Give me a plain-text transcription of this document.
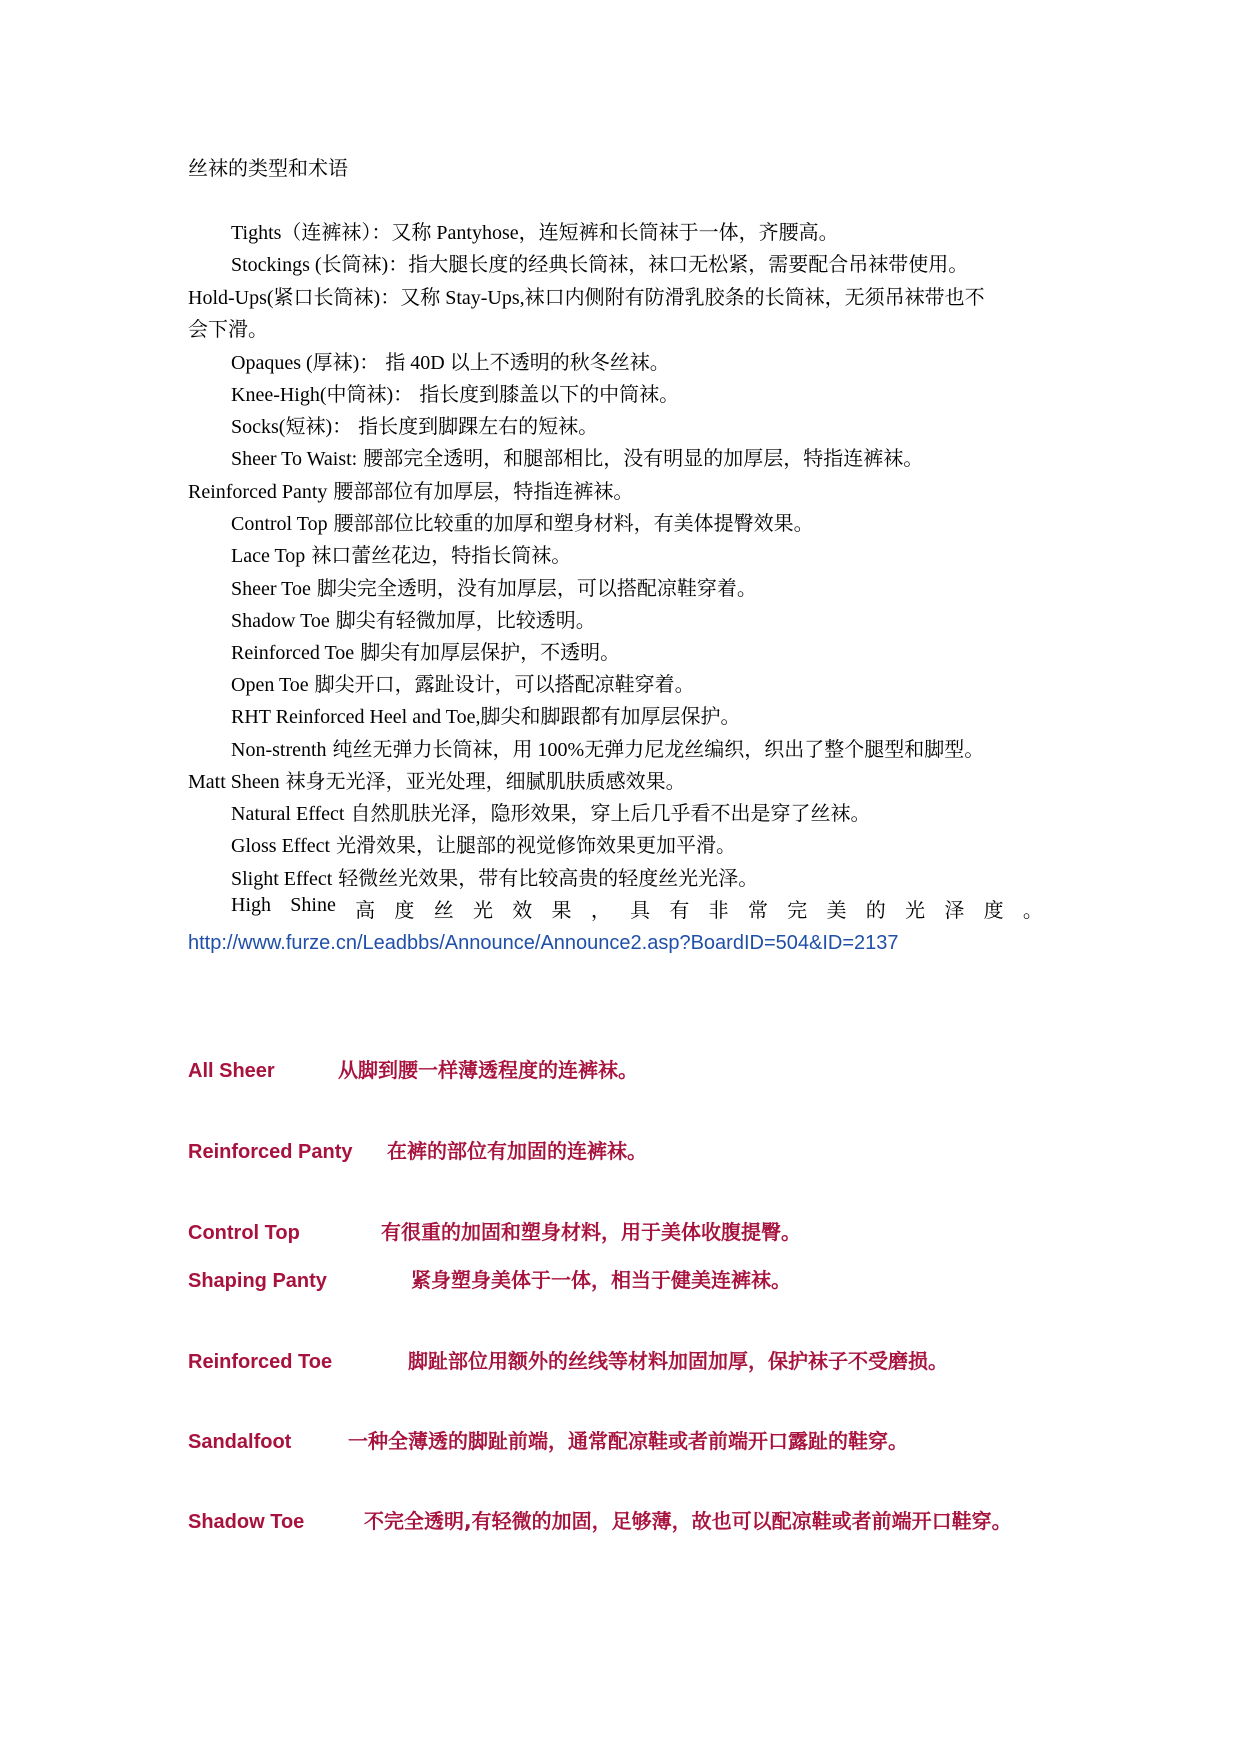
丝袜的类型和术语
Tights（连裤袜）：又称 Pantyhose，连短裤和长筒袜于一体，齐腰高。
Stockings (长筒袜)：指大腿长度的经典长筒袜，袜口无松紧，需要配合吊袜带使用。
Hold-Ups(紧口长筒袜)：又称 Stay-Ups,袜口内侧附有防滑乳胶条的长筒袜，无须吊袜带也不
会下滑。
Opaques (厚袜)： 指 40D 以上不透明的秋冬丝袜。
Knee-High(中筒袜)： 指长度到膝盖以下的中筒袜。
Socks(短袜)： 指长度到脚踝左右的短袜。
Sheer To Waist: 腰部完全透明，和腿部相比，没有明显的加厚层，特指连裤袜。
Reinforced Panty 腰部部位有加厚层，特指连裤袜。
Control Top 腰部部位比较重的加厚和塑身材料，有美体提臀效果。
Lace Top 袜口蕾丝花边，特指长筒袜。
Sheer Toe 脚尖完全透明，没有加厚层，可以搭配凉鞋穿着。
Shadow Toe 脚尖有轻微加厚，比较透明。
Reinforced Toe 脚尖有加厚层保护，不透明。
Open Toe 脚尖开口，露趾设计，可以搭配凉鞋穿着。
RHT Reinforced Heel and Toe,脚尖和脚跟都有加厚层保护。
Non-strenth 纯丝无弹力长筒袜，用 100%无弹力尼龙丝编织，织出了整个腿型和脚型。
Matt Sheen 袜身无光泽，亚光处理，细腻肌肤质感效果。
Natural Effect 自然肌肤光泽，隐形效果，穿上后几乎看不出是穿了丝袜。
Gloss Effect 光滑效果，让腿部的视觉修饰效果更加平滑。
Slight Effect 轻微丝光效果，带有比较高贵的轻度丝光光泽。
High Shine 高 度 丝 光 效 果 ， 具 有 非 常 完 美 的 光 泽 度 。
http://www.furze.cn/Leadbbs/Announce/Announce2.asp?BoardID=504&ID=2137
All Sheer	从脚到腰一样薄透程度的连裤袜。
Reinforced Panty 在裤的部位有加固的连裤袜。
Control Top	有很重的加固和塑身材料，用于美体收腹提臀。
Shaping Panty	紧身塑身美体于一体，相当于健美连裤袜。
Reinforced Toe	脚趾部位用额外的丝线等材料加固加厚，保护袜子不受磨损。
Sandalfoot	一种全薄透的脚趾前端，通常配凉鞋或者前端开口露趾的鞋穿。
Shadow Toe	不完全透明,有轻微的加固，足够薄，故也可以配凉鞋或者前端开口鞋穿。
